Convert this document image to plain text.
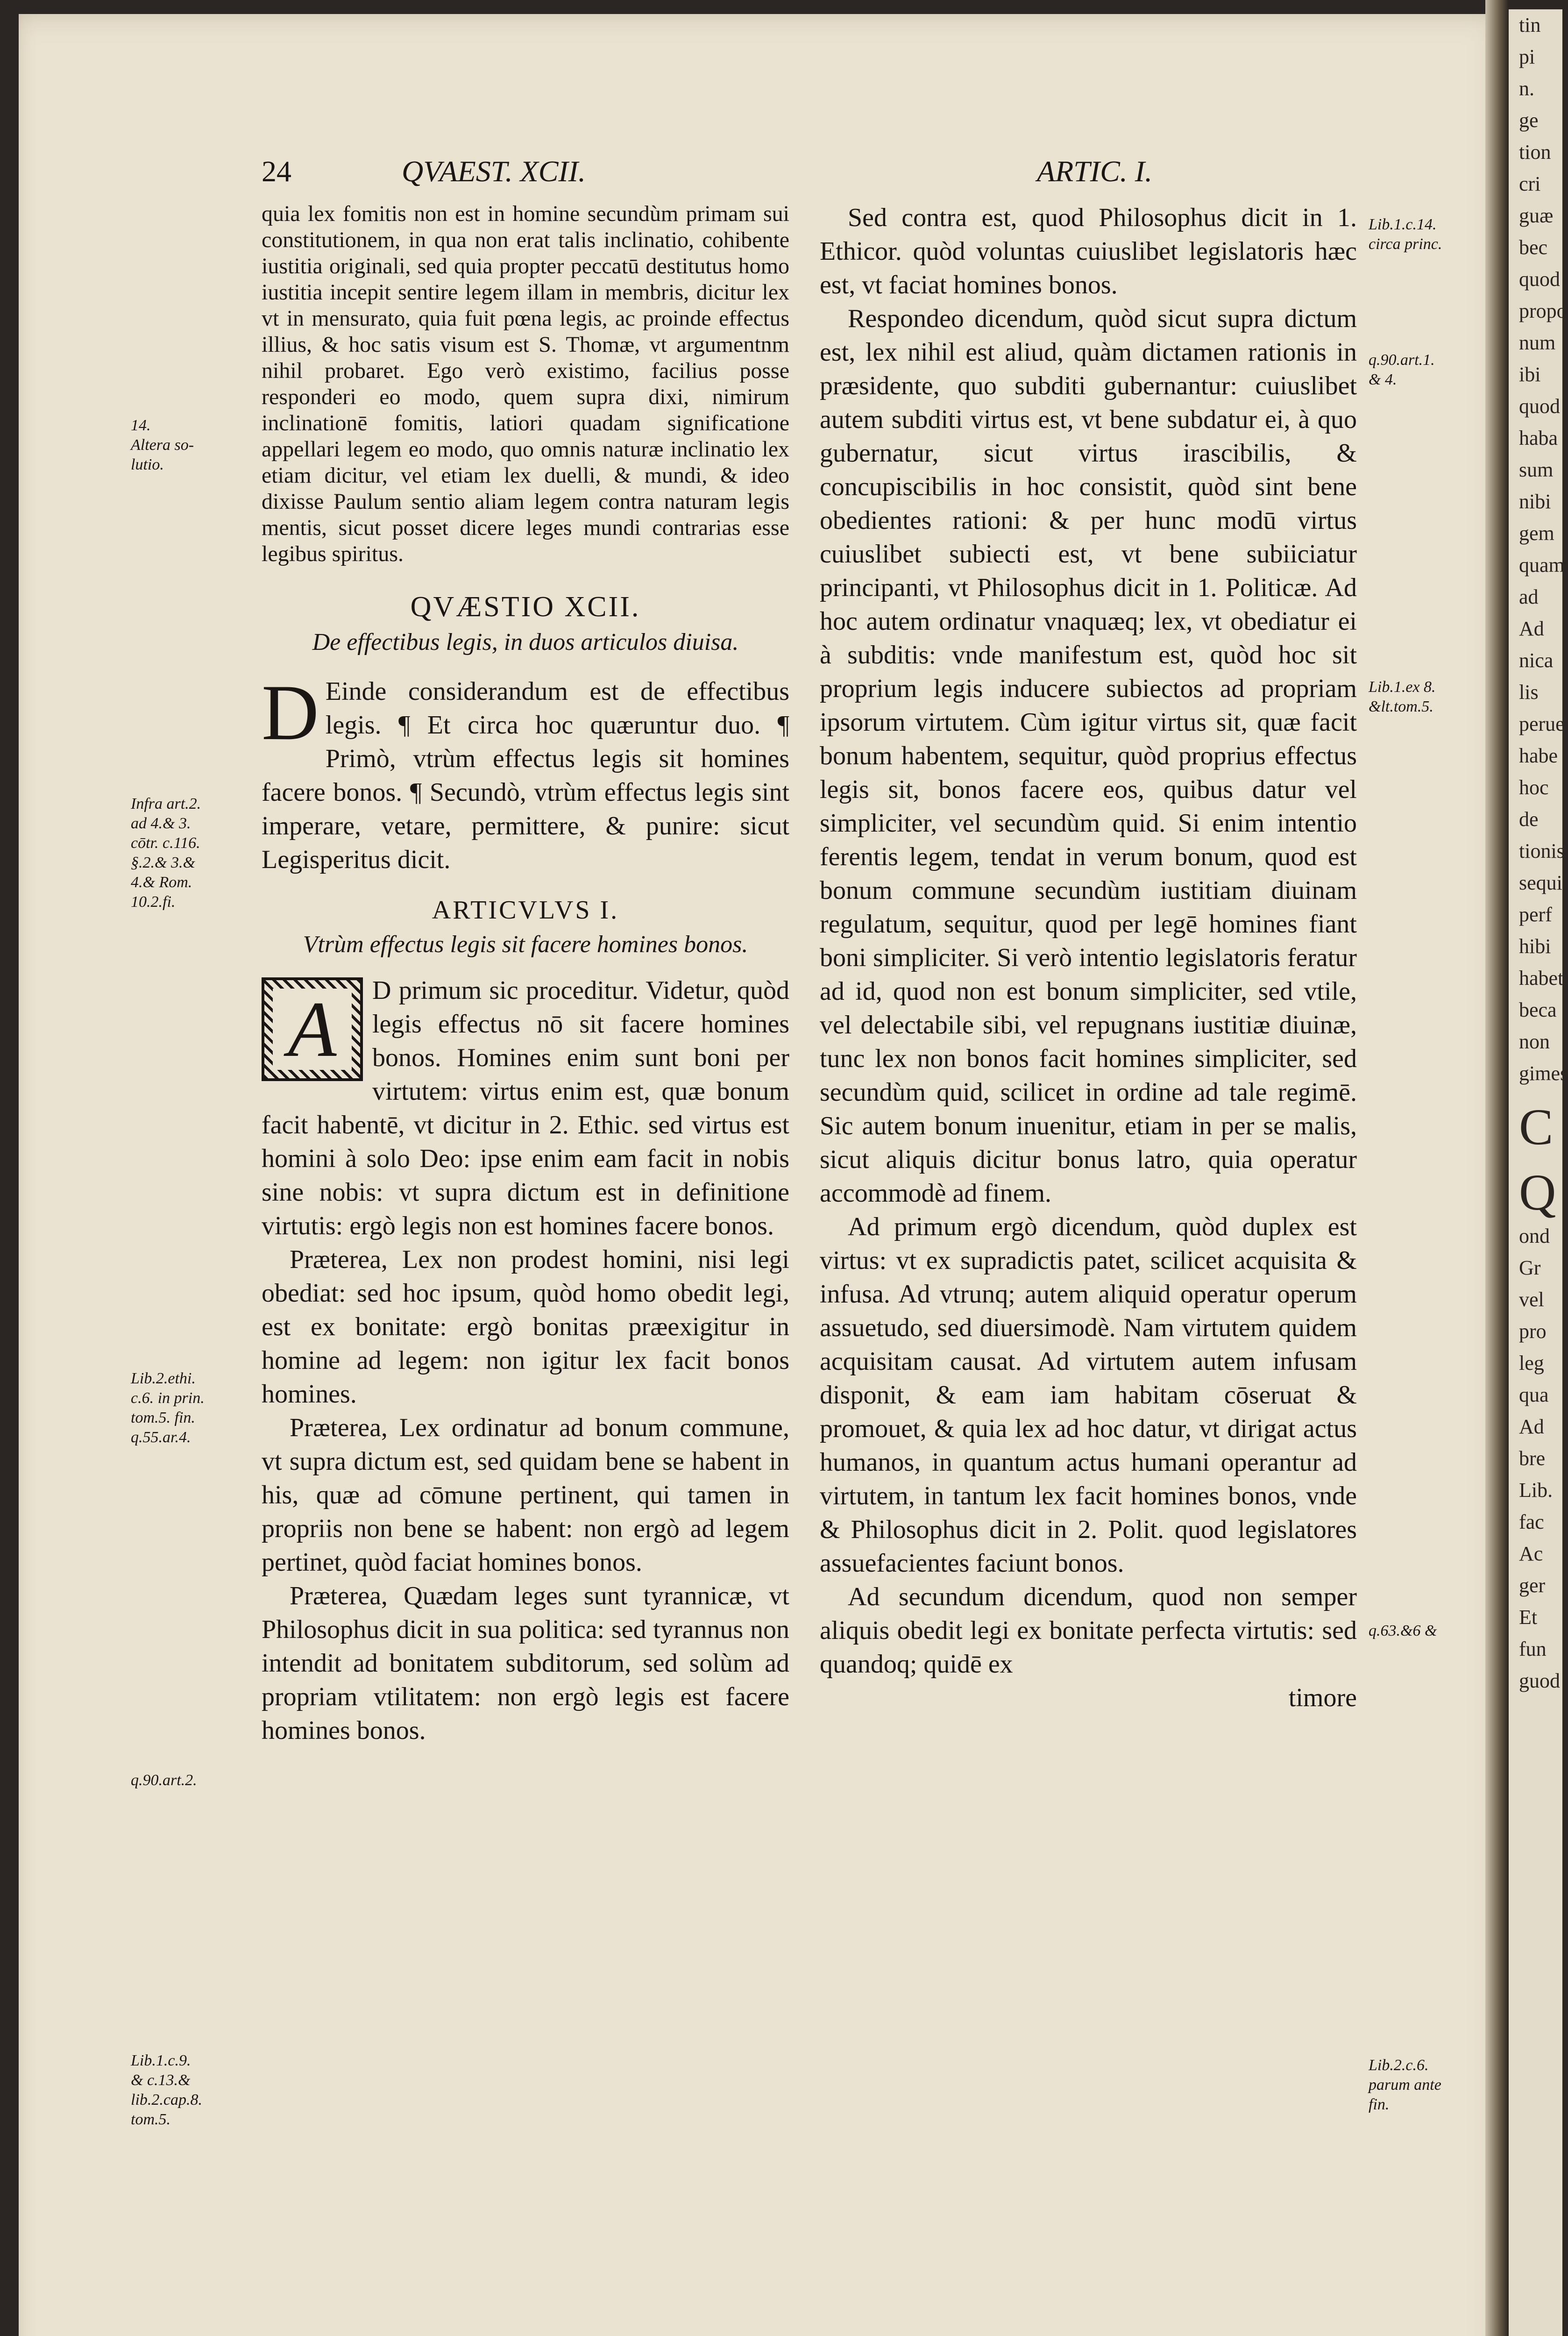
24	QVAEST. XCII.	ARTIC. I.

quia lex fomitis non est in homine secundùm primam sui constitutionem, in qua non erat talis inclinatio, cohibente iustitia originali, sed quia propter peccatū destitutus homo iustitia incepit sentire legem illam in membris, dicitur lex vt in mensurato, quia fuit pœna legis, ac proinde effectus illius, & hoc satis visum est S. Thomæ, vt argumentnm nihil probaret. Ego verò existimo, facilius posse responderi eo modo, quem supra dixi, nimirum inclinationē fomitis, latiori quadam significatione appellari legem eo modo, quo omnis naturæ inclinatio lex etiam dicitur, vel etiam lex duelli, & mundi, & ideo dixisse Paulum sentio aliam legem contra naturam legis mentis, sicut posset dicere leges mundi contrarias esse legibus spiritus.

QVÆSTIO XCII.
De effectibus legis, in duos articulos diuisa.

D Einde considerandum est de effectibus legis. ¶ Et circa hoc quæruntur duo. ¶ Primò, vtrùm effectus legis sit homines facere bonos. ¶ Secundò, vtrùm effectus legis sint imperare, vetare, permittere, & punire: sicut Legisperitus dicit.

ARTICVLVS I.
Vtrùm effectus legis sit facere homines bonos.

A	D primum sic proceditur. Videtur, quòd legis effectus nō sit facere homines bonos. Homines enim sunt boni per virtutem: virtus enim est, quæ bonum facit habentē, vt dicitur in 2. Ethic. sed virtus est homini à solo Deo: ipse enim eam facit in nobis sine nobis: vt supra dictum est in definitione virtutis: ergò legis non est homines facere bonos.

Præterea, Lex non prodest homini, nisi legi obediat: sed hoc ipsum, quòd homo obedit legi, est ex bonitate: ergò bonitas præexigitur in homine ad legem: non igitur lex facit bonos homines.

Præterea, Lex ordinatur ad bonum commune, vt supra dictum est, sed quidam bene se habent in his, quæ ad cōmune pertinent, qui tamen in propriis non bene se habent: non ergò ad legem pertinet, quòd faciat homines bonos.

Præterea, Quædam leges sunt tyrannicæ, vt Philosophus dicit in sua politica: sed tyrannus non intendit ad bonitatem subditorum, sed solùm ad propriam vtilitatem: non ergò legis est facere homines bonos.

Sed contra est, quod Philosophus dicit in 1. Ethicor. quòd voluntas cuiuslibet legislatoris hæc est, vt faciat homines bonos.

Respondeo dicendum, quòd sicut supra dictum est, lex nihil est aliud, quàm dictamen rationis in præsidente, quo subditi gubernantur: cuiuslibet autem subditi virtus est, vt bene subdatur ei, à quo gubernatur, sicut virtus irascibilis, & concupiscibilis in hoc consistit, quòd sint bene obedientes rationi: & per hunc modū virtus cuiuslibet subiecti est, vt bene subiiciatur principanti, vt Philosophus dicit in 1. Politicæ. Ad hoc autem ordinatur vnaquæq; lex, vt obediatur ei à subditis: vnde manifestum est, quòd hoc sit proprium legis inducere subiectos ad propriam ipsorum virtutem. Cùm igitur virtus sit, quæ facit bonum habentem, sequitur, quòd proprius effectus legis sit, bonos facere eos, quibus datur vel simpliciter, vel secundùm quid. Si enim intentio ferentis legem, tendat in verum bonum, quod est bonum commune secundùm iustitiam diuinam regulatum, sequitur, quod per legē homines fiant boni simpliciter. Si verò intentio legislatoris feratur ad id, quod non est bonum simpliciter, sed vtile, vel delectabile sibi, vel repugnans iustitiæ diuinæ, tunc lex non bonos facit homines simpliciter, sed secundùm quid, scilicet in ordine ad tale regimē. Sic autem bonum inuenitur, etiam in per se malis, sicut aliquis dicitur bonus latro, quia operatur accommodè ad finem.

Ad primum ergò dicendum, quòd duplex est virtus: vt ex supradictis patet, scilicet acquisita & infusa. Ad vtrunq; autem aliquid operatur operum assuetudo, sed diuersimodè. Nam virtutem quidem acquisitam causat. Ad virtutem autem infusam disponit, & eam iam habitam cōseruat & promouet, & quia lex ad hoc datur, vt dirigat actus humanos, in quantum actus humani operantur ad virtutem, in tantum lex facit homines bonos, vnde & Philosophus dicit in 2. Polit. quod legislatores assuefacientes faciunt bonos.

Ad secundum dicendum, quod non semper aliquis obedit legi ex bonitate perfecta virtutis: sed quandoq; quidē ex

timore

14.
Altera so-
lutio.
Infra art.2.
ad 4.& 3.
cōtr. c.116.
§.2.& 3.&
4.& Rom.
10.2.fi.
Lib.2.ethi.
c.6. in prin.
tom.5. fin.
q.55.ar.4.
q.90.art.2.
Lib.1.c.9.
& c.13.&
lib.2.cap.8.
tom.5.
Lib.1.c.14.
circa princ.
q.90.art.1.
& 4.
Lib.1.ex 8.
&lt.tom.5.
q.63.&6 &
Lib.2.c.6.
parum ante
fin.
tin
pi
n.
ge
tion
cri
guæ
bec
quod
propo
num
ibi
quod
haba
sum
nibi
gem
quam
ad
Ad
nica
lis
perue
habe
hoc
de
tionis
sequi
perf
hibi
habet
beca
non
gimes
C
Q
ond
Gr
vel
pro
leg
qua
Ad
bre
Lib.
fac
Ac
ger
Et
fun
guod
